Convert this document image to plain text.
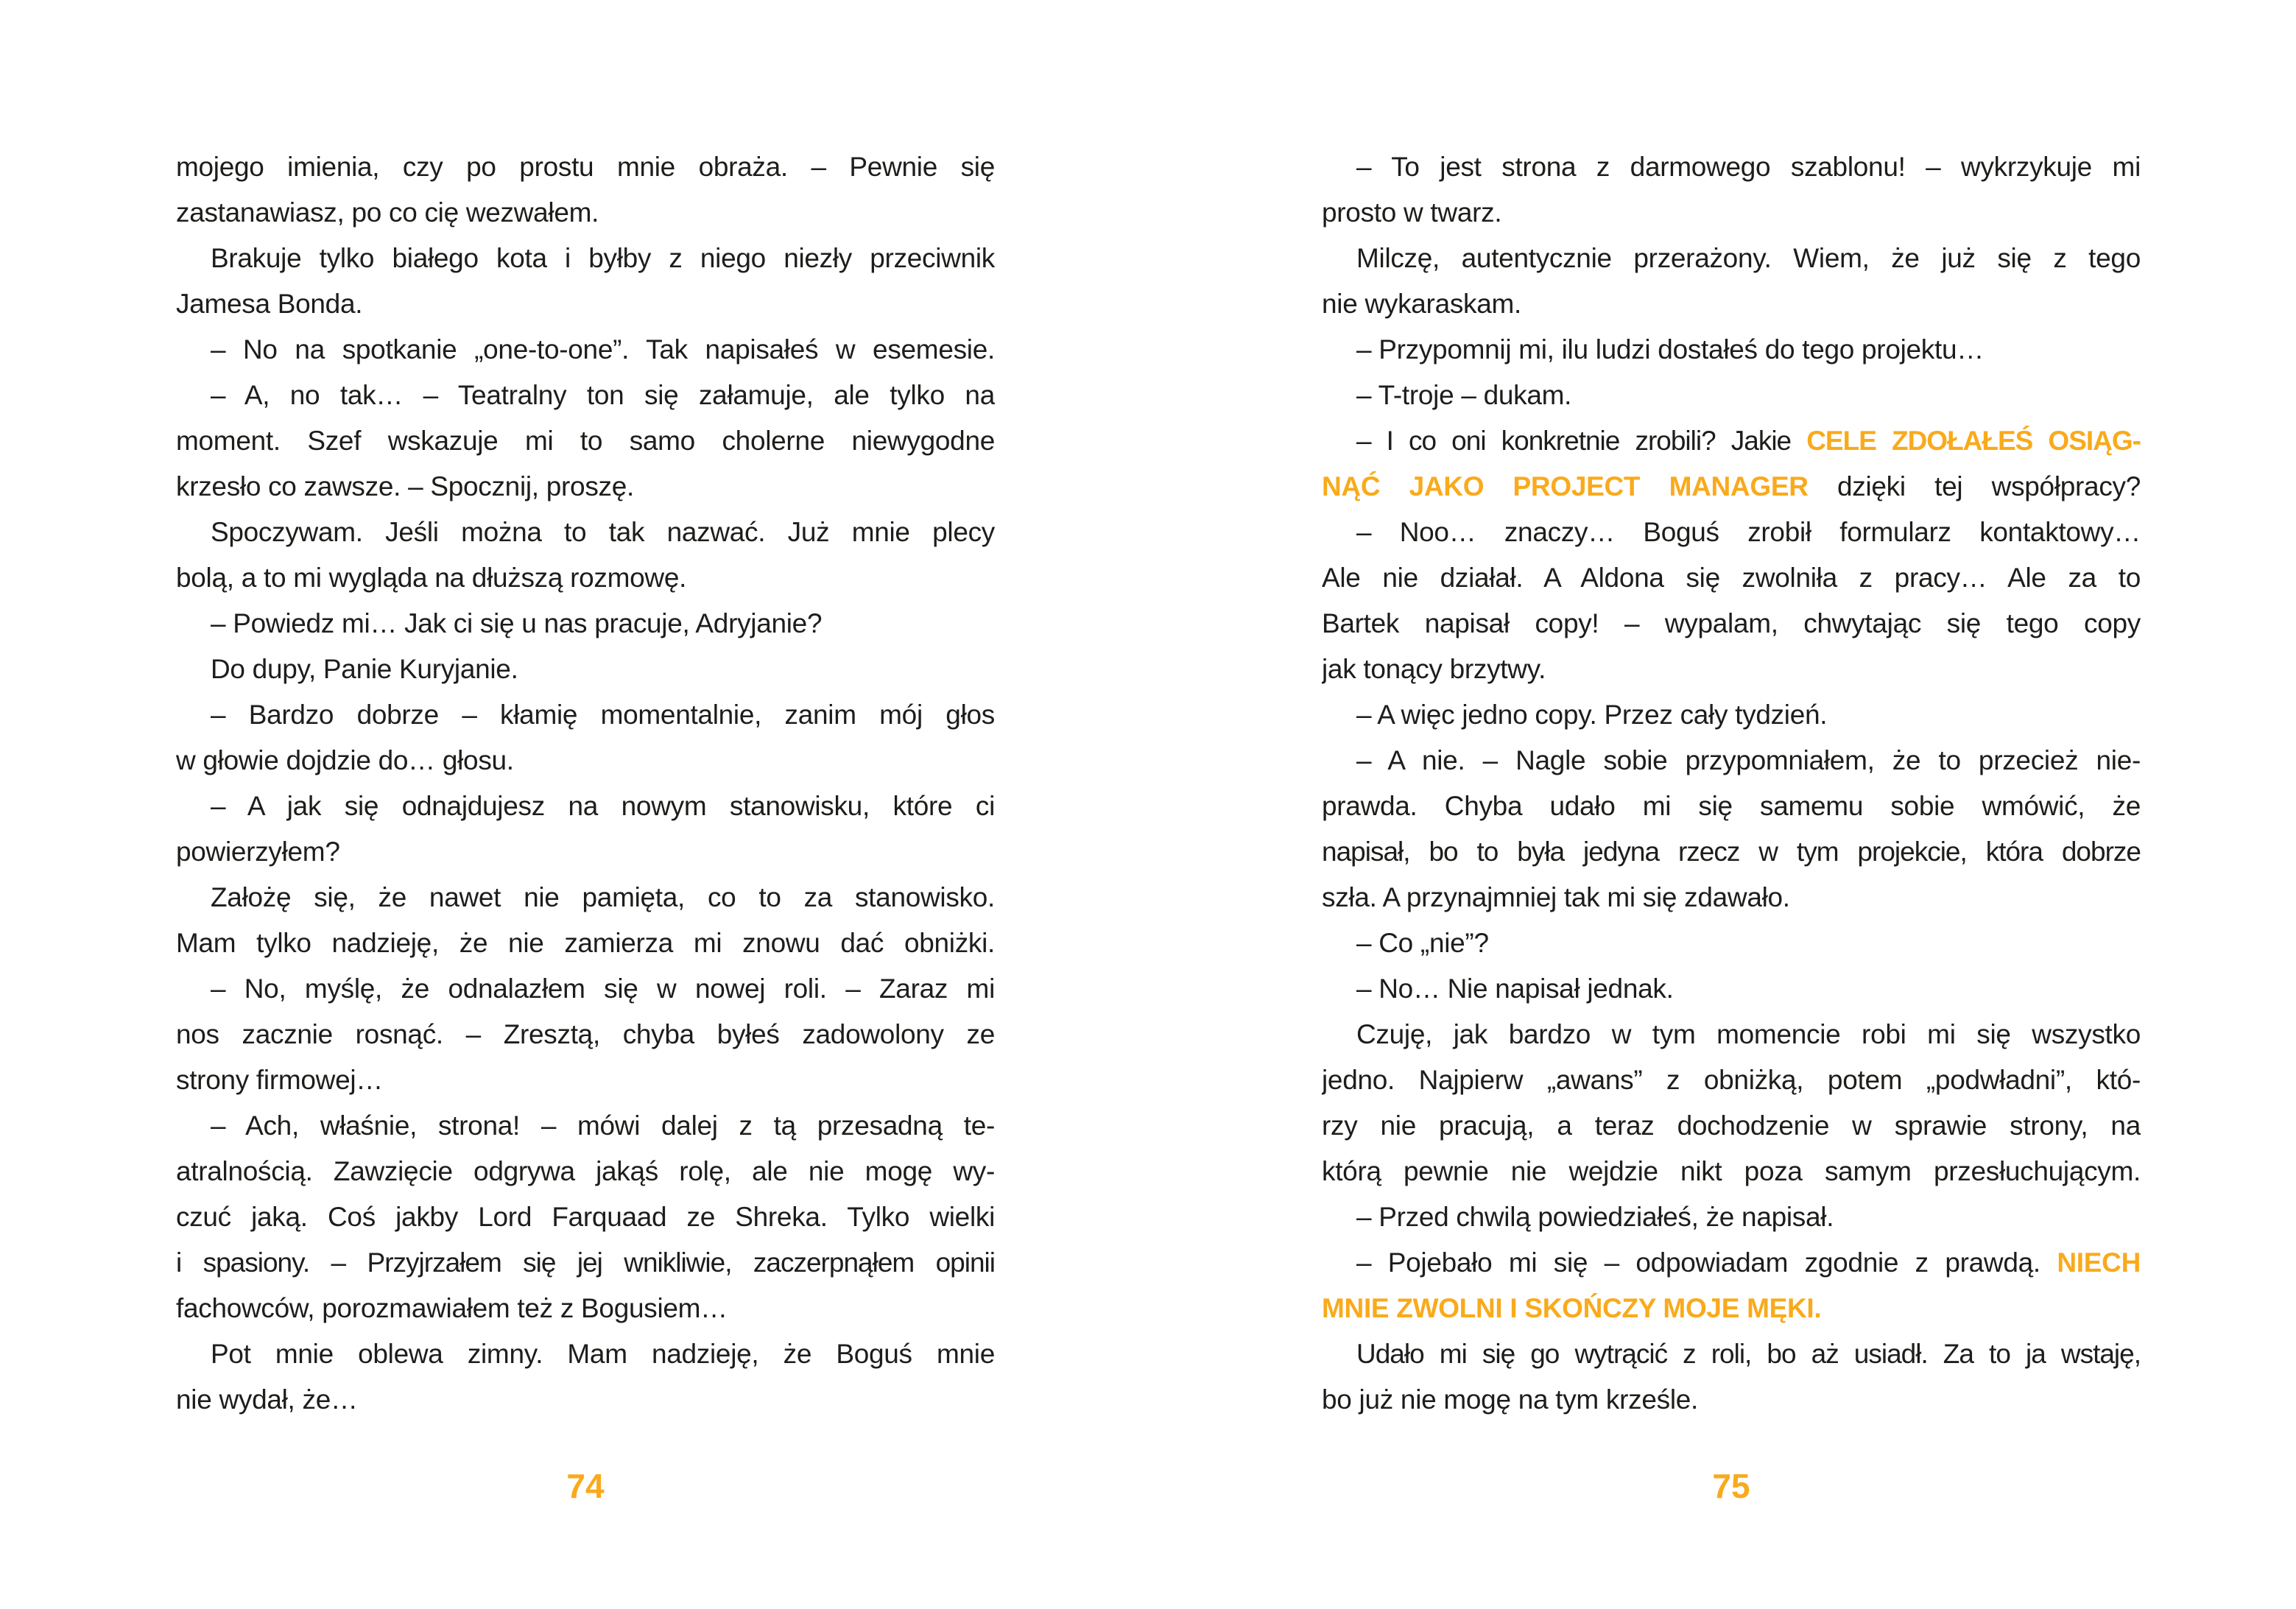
mojego imienia, czy po prostu mnie obraża. – Pewnie się
zastanawiasz, po co cię wezwałem.
Brakuje tylko białego kota i byłby z niego niezły przeciwnik
Jamesa Bonda.
– No na spotkanie „one-to-one”. Tak napisałeś w esemesie.
– A, no tak… – Teatralny ton się załamuje, ale tylko na
moment. Szef wskazuje mi to samo cholerne niewygodne
krzesło co zawsze. – Spocznij, proszę.
Spoczywam. Jeśli można to tak nazwać. Już mnie plecy
bolą, a to mi wygląda na dłuższą rozmowę.
– Powiedz mi… Jak ci się u nas pracuje, Adryjanie?
Do dupy, Panie Kuryjanie.
– Bardzo dobrze – kłamię momentalnie, zanim mój głos
w głowie dojdzie do… głosu.
– A jak się odnajdujesz na nowym stanowisku, które ci
powierzyłem?
Założę się, że nawet nie pamięta, co to za stanowisko.
Mam tylko nadzieję, że nie zamierza mi znowu dać obniżki.
– No, myślę, że odnalazłem się w nowej roli. – Zaraz mi
nos zacznie rosnąć. – Zresztą, chyba byłeś zadowolony ze
strony firmowej…
– Ach, właśnie, strona! – mówi dalej z tą przesadną te-
atralnością. Zawzięcie odgrywa jakąś rolę, ale nie mogę wy-
czuć jaką. Coś jakby Lord Farquaad ze Shreka. Tylko wielki
i spasiony. – Przyjrzałem się jej wnikliwie, zaczerpnąłem opinii
fachowców, porozmawiałem też z Bogusiem…
Pot mnie oblewa zimny. Mam nadzieję, że Boguś mnie
nie wydał, że…
– To jest strona z darmowego szablonu! – wykrzykuje mi
prosto w twarz.
Milczę, autentycznie przerażony. Wiem, że już się z tego
nie wykaraskam.
– Przypomnij mi, ilu ludzi dostałeś do tego projektu…
– T-troje – dukam.
– I co oni konkretnie zrobili? Jakie CELE ZDOŁAŁEŚ OSIĄG-
NĄĆ JAKO PROJECT MANAGER dzięki tej współpracy?
– Noo… znaczy… Boguś zrobił formularz kontaktowy…
Ale nie działał. A Aldona się zwolniła z pracy… Ale za to
Bartek napisał copy! – wypalam, chwytając się tego copy
jak tonący brzytwy.
– A więc jedno copy. Przez cały tydzień.
– A nie. – Nagle sobie przypomniałem, że to przecież nie-
prawda. Chyba udało mi się samemu sobie wmówić, że
napisał, bo to była jedyna rzecz w tym projekcie, która dobrze
szła. A przynajmniej tak mi się zdawało.
– Co „nie”?
– No… Nie napisał jednak.
Czuję, jak bardzo w tym momencie robi mi się wszystko
jedno. Najpierw „awans” z obniżką, potem „podwładni”, któ-
rzy nie pracują, a teraz dochodzenie w sprawie strony, na
którą pewnie nie wejdzie nikt poza samym przesłuchującym.
– Przed chwilą powiedziałeś, że napisał.
– Pojebało mi się – odpowiadam zgodnie z prawdą. NIECH
MNIE ZWOLNI I SKOŃCZY MOJE MĘKI.
Udało mi się go wytrącić z roli, bo aż usiadł. Za to ja wstaję,
bo już nie mogę na tym krześle.
74	75
